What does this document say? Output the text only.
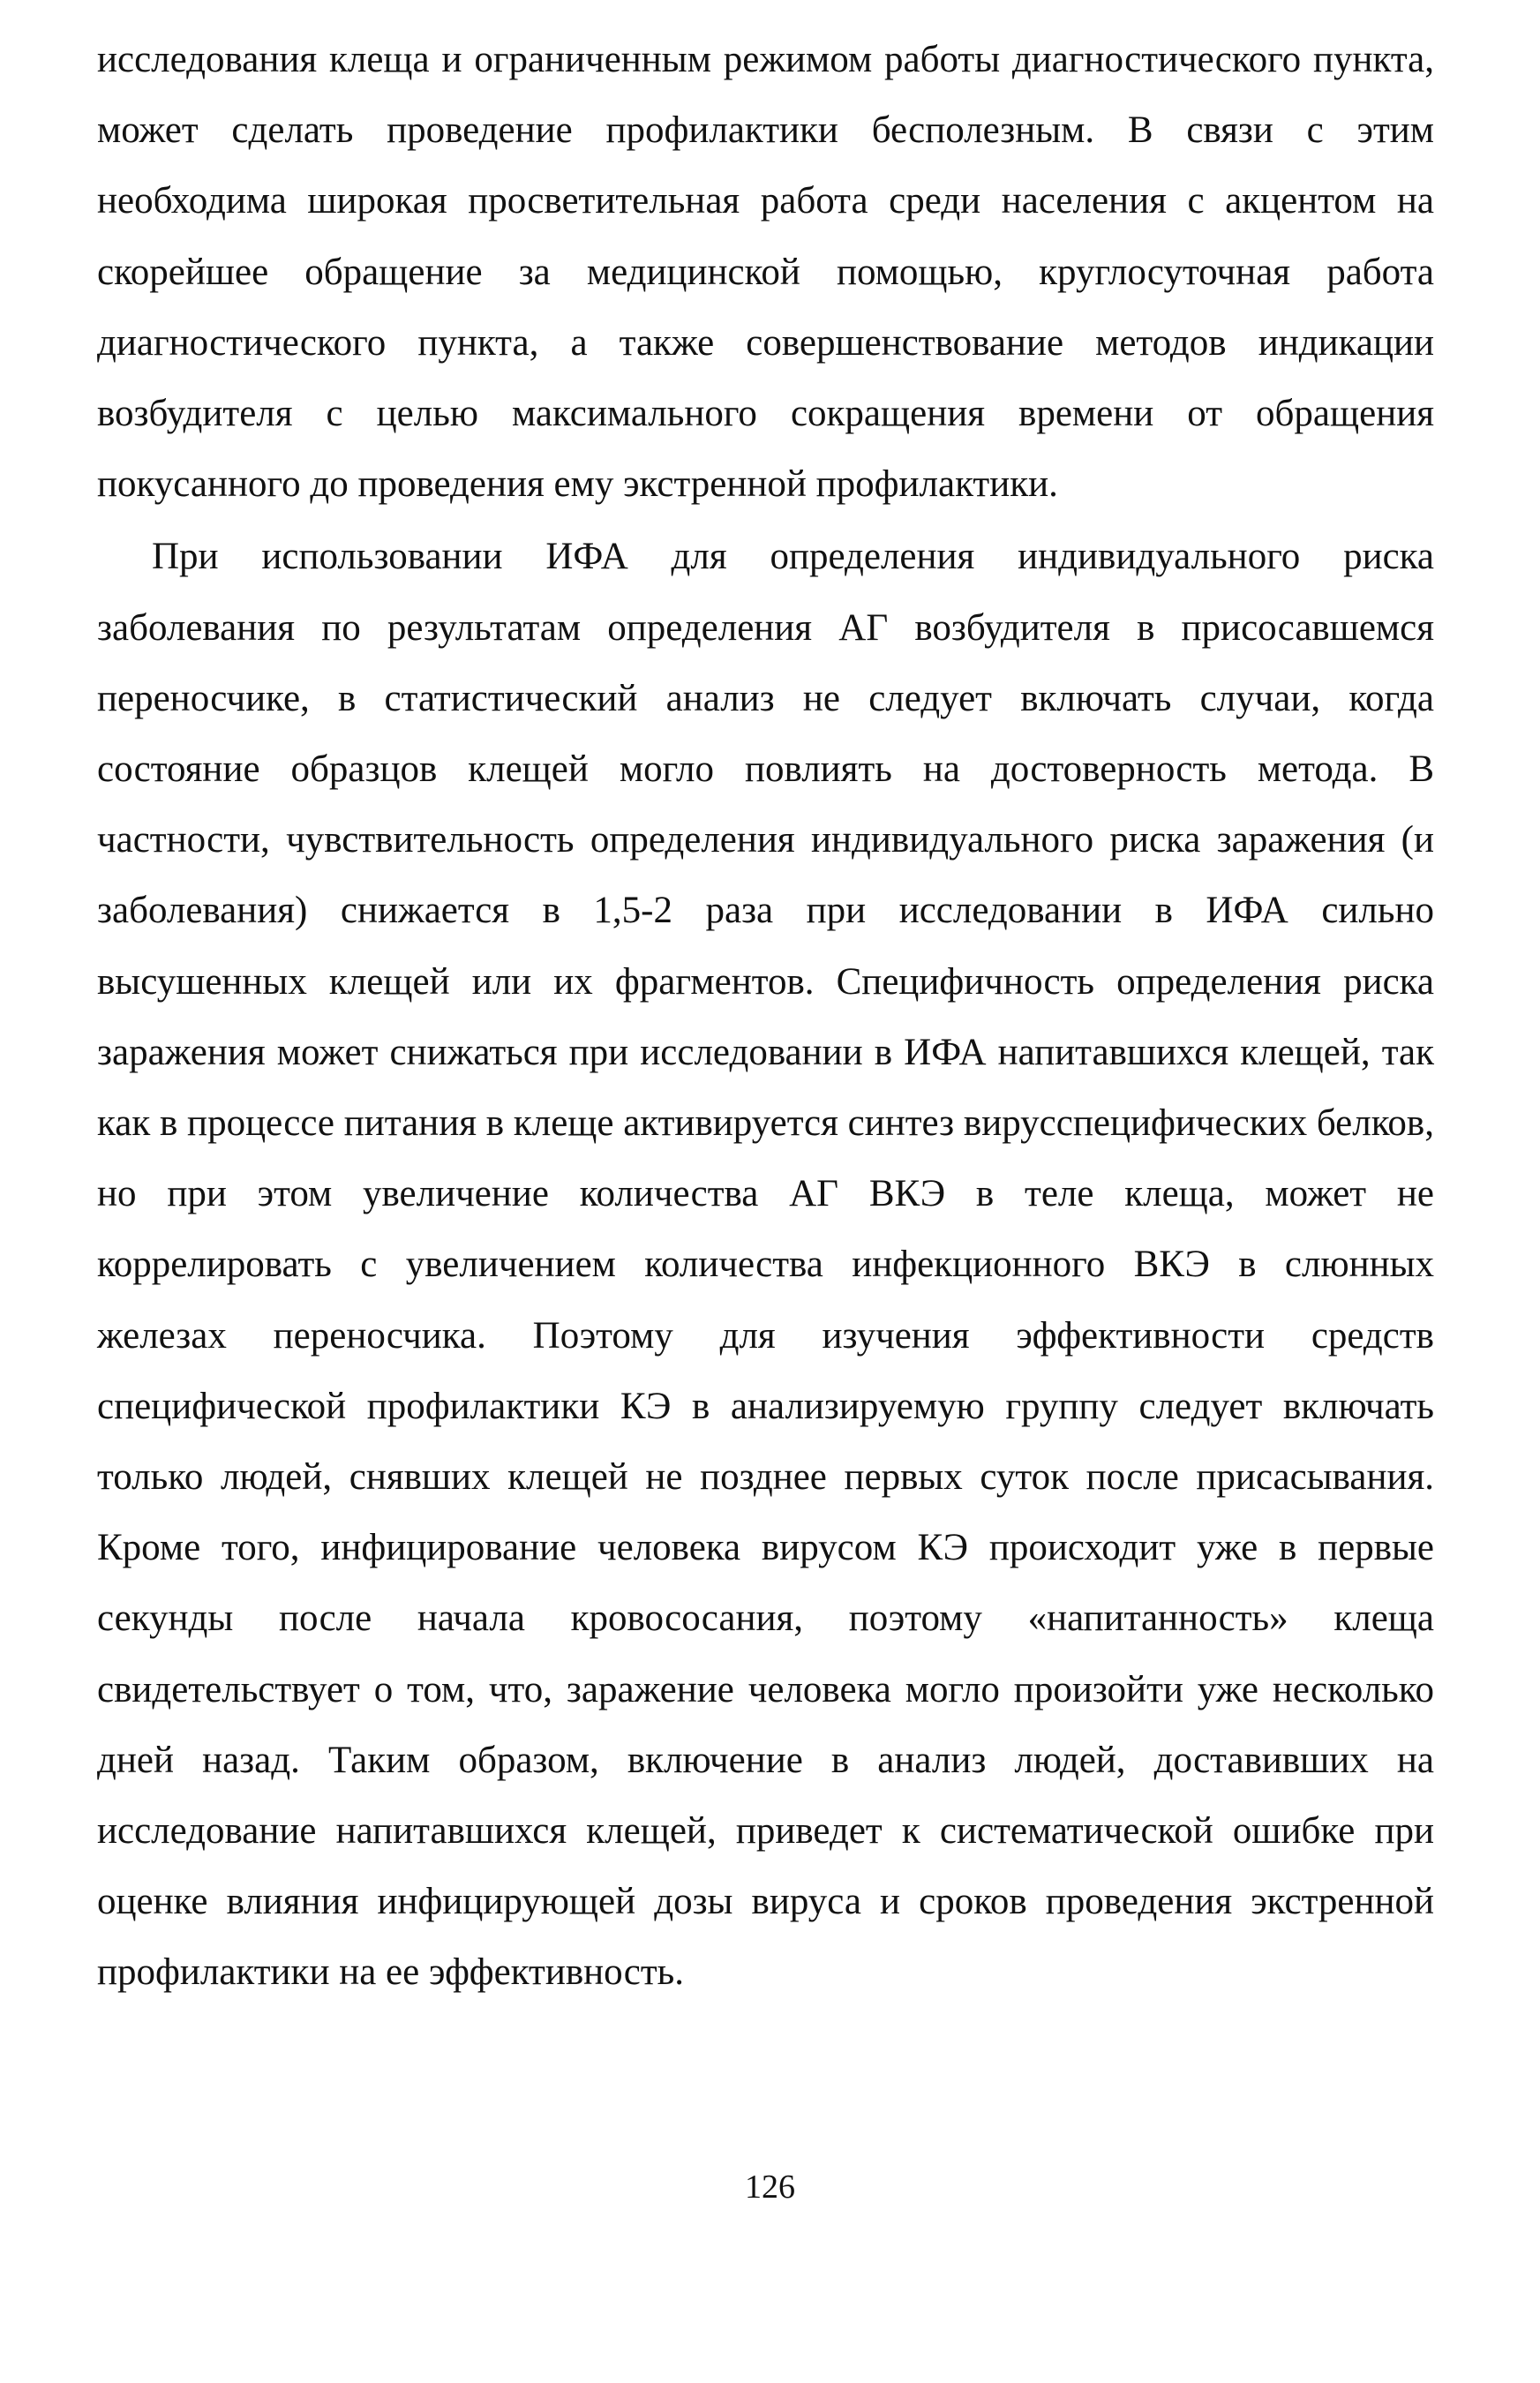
исследования клеща и ограниченным режимом работы диагностического пункта, может сделать проведение профилактики бесполезным. В связи с этим необходима широкая просветительная работа среди населения с акцентом на скорейшее обращение за медицинской помощью, круглосуточная работа диагностического пункта, а также совершенствование методов индикации возбудителя с целью максимального сокращения времени от обращения покусанного до проведения ему экстренной профилактики.

При использовании ИФА для определения индивидуального риска заболевания по результатам определения АГ возбудителя в присосавшемся переносчике, в статистический анализ не следует включать случаи, когда состояние образцов клещей могло повлиять на достоверность метода. В частности, чувствительность определения индивидуального риска заражения (и заболевания) снижается в 1,5-2 раза при исследовании в ИФА сильно высушенных клещей или их фрагментов. Специфичность определения риска заражения может снижаться при исследовании в ИФА напитавшихся клещей, так как в процессе питания в клеще активируется синтез вирусспецифических белков, но при этом увеличение количества АГ ВКЭ в теле клеща, может не коррелировать с увеличением количества инфекционного ВКЭ в слюнных железах переносчика. Поэтому для изучения эффективности средств специфической профилактики КЭ в анализируемую группу следует включать только людей, снявших клещей не позднее первых суток после присасывания. Кроме того, инфицирование человека вирусом КЭ происходит уже в первые секунды после начала кровососания, поэтому «напитанность» клеща свидетельствует о том, что, заражение человека могло произойти уже несколько дней назад. Таким образом, включение в анализ людей, доставивших на исследование напитавшихся клещей, приведет к систематической ошибке при оценке влияния инфицирующей дозы вируса и сроков проведения экстренной профилактики на ее эффективность.

126
